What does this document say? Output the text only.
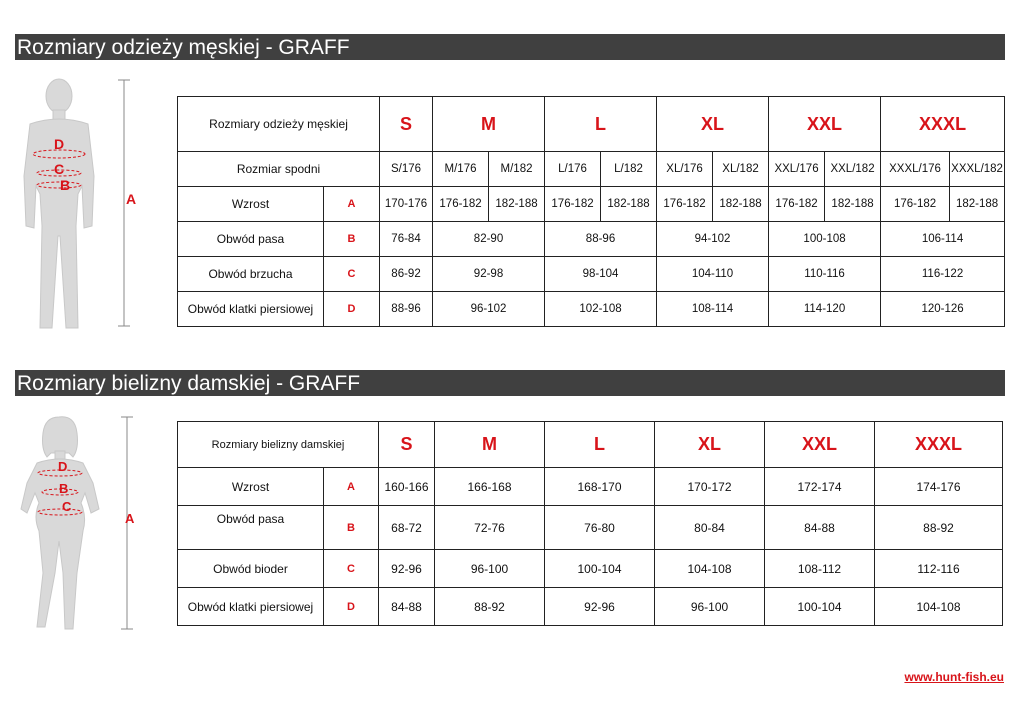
Rozmiary odzieży męskiej - GRAFF
D
C
B
A
Rozmiary odzieży męskiej		S	M		L		XL		XXL		XXXL	
Rozmiar spodni		S/176	M/176	M/182	L/176	L/182	XL/176	XL/182	XXL/176	XXL/182	XXXL/176	XXXL/182
Wzrost	A	170-176	176-182	182-188	176-182	182-188	176-182	182-188	176-182	182-188	176-182	182-188
Obwód pasa	B	76-84	82-90		88-96		94-102		100-108		106-114	
Obwód brzucha	C	86-92	92-98		98-104		104-110		110-116		116-122	
Obwód klatki piersiowej	D	88-96	96-102		102-108		108-114		114-120		120-126	
Rozmiary bielizny damskiej - GRAFF
D
B
C
A
Rozmiary bielizny damskiej		S	M	L	XL	XXL	XXXL
Wzrost	A	160-166	166-168	168-170	170-172	172-174	174-176
Obwód pasa	B	68-72	72-76	76-80	80-84	84-88	88-92
Obwód bioder	C	92-96	96-100	100-104	104-108	108-112	112-116
Obwód klatki piersiowej	D	84-88	88-92	92-96	96-100	100-104	104-108
www.hunt-fish.eu
